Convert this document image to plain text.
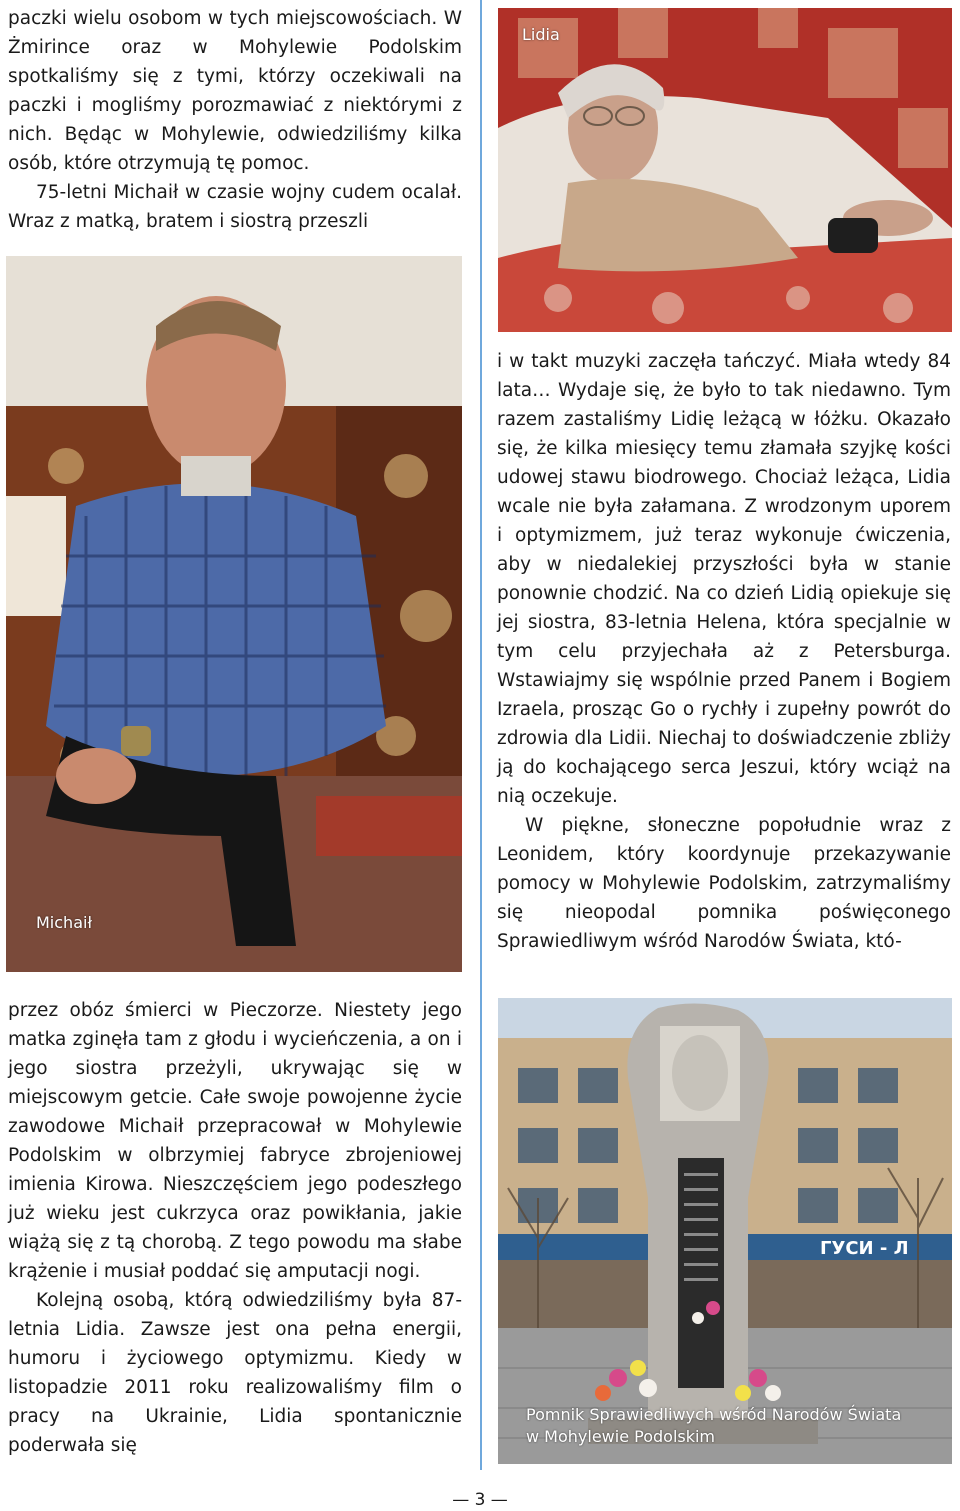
paczki wielu osobom w tych miejscowościach. W Żmirince oraz w Mohylewie Podolskim spotkaliśmy się z tymi, którzy oczekiwali na paczki i mogliśmy porozmawiać z niektórymi z nich. Będąc w Mohylewie, odwiedziliśmy kilka osób, które otrzymują tę pomoc.

75-letni Michaił w czasie wojny cudem ocalał. Wraz z matką, bratem i siostrą przeszli

Michaił

przez obóz śmierci w Pieczorze. Niestety jego matka zginęła tam z głodu i wycieńczenia, a on i jego siostra przeżyli, ukrywając się w miejscowym getcie. Całe swoje powojenne życie zawodowe Michaił przepracował w Mohylewie Podolskim w olbrzymiej fabryce zbrojeniowej imienia Kirowa. Nieszczęściem jego podeszłego już wieku jest cukrzyca oraz powikłania, jakie wiążą się z tą chorobą. Z tego powodu ma słabe krążenie i musiał poddać się amputacji nogi.

Kolejną osobą, którą odwiedziliśmy była 87-letnia Lidia. Zawsze jest ona pełna energii, humoru i życiowego optymizmu. Kiedy w listopadzie 2011 roku realizowaliśmy film o pracy na Ukrainie, Lidia spontanicznie poderwała się

Lidia

i w takt muzyki zaczęła tańczyć. Miała wtedy 84 lata… Wydaje się, że było to tak niedawno. Tym razem zastaliśmy Lidię leżącą w łóżku. Okazało się, że kilka miesięcy temu złamała szyjkę kości udowej stawu biodrowego. Chociaż leżąca, Lidia wcale nie była załamana. Z wrodzonym uporem i optymizmem, już teraz wykonuje ćwiczenia, aby w niedalekiej przyszłości była w stanie ponownie chodzić. Na co dzień Lidią opiekuje się jej siostra, 83-letnia Helena, która specjalnie w tym celu przyjechała aż z Petersburga. Wstawiajmy się wspólnie przed Panem i Bogiem Izraela, prosząc Go o rychły i zupełny powrót do zdrowia dla Lidii. Niechaj to doświadczenie zbliży ją do kochającego serca Jeszui, który wciąż na nią oczekuje.

W piękne, słoneczne popołudnie wraz z Leonidem, który koordynuje przekazywanie pomocy w Mohylewie Podolskim, zatrzymaliśmy się nieopodal pomnika poświęconego Sprawiedliwym wśród Narodów Świata, któ-

ГУСИ - Л
Pomnik Sprawiedliwych wśród Narodów Świata
w Mohylewie Podolskim
— 3 —
